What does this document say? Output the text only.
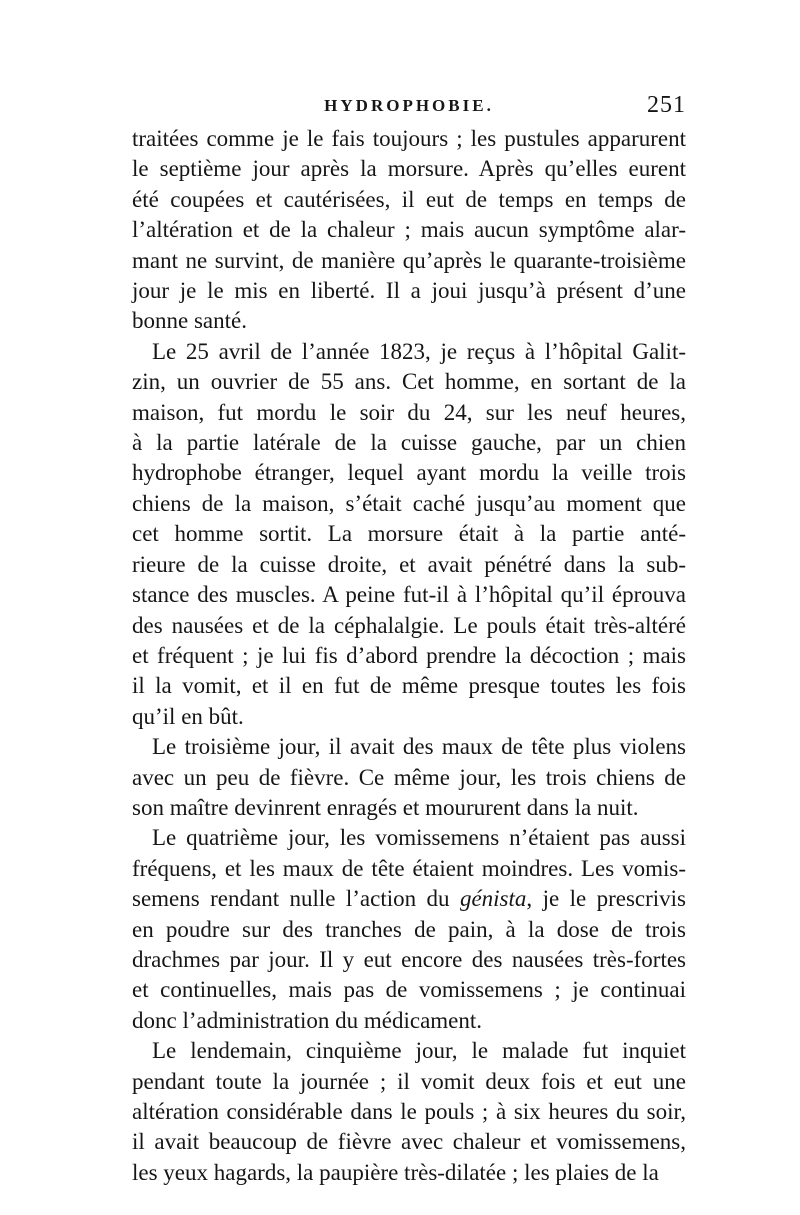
HYDROPHOBIE.	251

traitées comme je le fais toujours ; les pustules apparurent
le septième jour après la morsure. Après qu’elles eurent
été coupées et cautérisées, il eut de temps en temps de
l’altération et de la chaleur ; mais aucun symptôme alar-
mant ne survint, de manière qu’après le quarante-troisième
jour je le mis en liberté. Il a joui jusqu’à présent d’une
bonne santé.

Le 25 avril de l’année 1823, je reçus à l’hôpital Galit-
zin, un ouvrier de 55 ans. Cet homme, en sortant de la
maison, fut mordu le soir du 24, sur les neuf heures,
à la partie latérale de la cuisse gauche, par un chien
hydrophobe étranger, lequel ayant mordu la veille trois
chiens de la maison, s’était caché jusqu’au moment que
cet homme sortit. La morsure était à la partie anté-
rieure de la cuisse droite, et avait pénétré dans la sub-
stance des muscles. A peine fut-il à l’hôpital qu’il éprouva
des nausées et de la céphalalgie. Le pouls était très-altéré
et fréquent ; je lui fis d’abord prendre la décoction ; mais
il la vomit, et il en fut de même presque toutes les fois
qu’il en bût.

Le troisième jour, il avait des maux de tête plus violens
avec un peu de fièvre. Ce même jour, les trois chiens de
son maître devinrent enragés et moururent dans la nuit.

Le quatrième jour, les vomissemens n’étaient pas aussi
fréquens, et les maux de tête étaient moindres. Les vomis-
semens rendant nulle l’action du génista, je le prescrivis
en poudre sur des tranches de pain, à la dose de trois
drachmes par jour. Il y eut encore des nausées très-fortes
et continuelles, mais pas de vomissemens ; je continuai
donc l’administration du médicament.

Le lendemain, cinquième jour, le malade fut inquiet
pendant toute la journée ; il vomit deux fois et eut une
altération considérable dans le pouls ; à six heures du soir,
il avait beaucoup de fièvre avec chaleur et vomissemens,
les yeux hagards, la paupière très-dilatée ; les plaies de la
